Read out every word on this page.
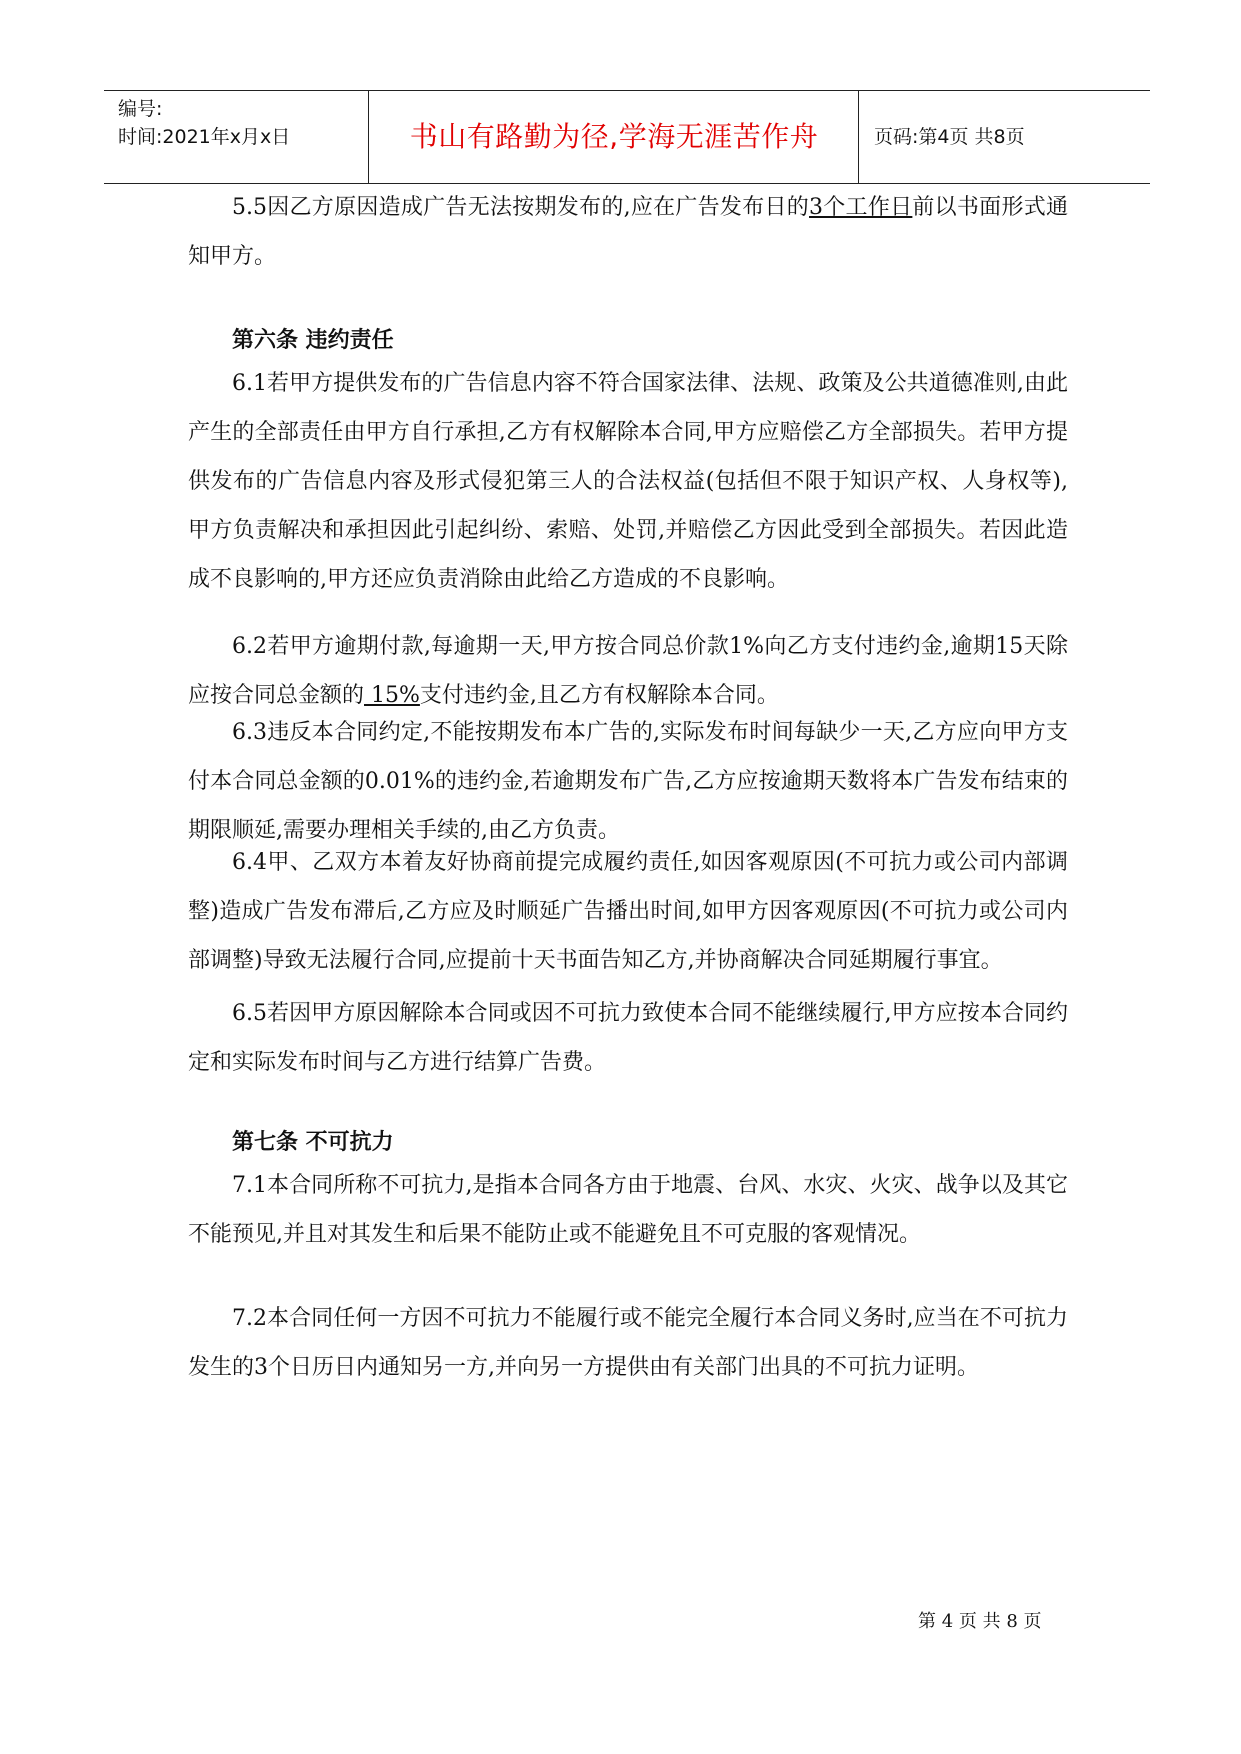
编号:
时间:2021年x月x日	书山有路勤为径,学海无涯苦作舟	页码:第4页 共8页
5.5因乙方原因造成广告无法按期发布的,应在广告发布日的3个工作日前以书面形式通知甲方。
第六条 违约责任
6.1若甲方提供发布的广告信息内容不符合国家法律、法规、政策及公共道德准则,由此产生的全部责任由甲方自行承担,乙方有权解除本合同,甲方应赔偿乙方全部损失。若甲方提供发布的广告信息内容及形式侵犯第三人的合法权益(包括但不限于知识产权、人身权等),甲方负责解决和承担因此引起纠纷、索赔、处罚,并赔偿乙方因此受到全部损失。若因此造成不良影响的,甲方还应负责消除由此给乙方造成的不良影响。
6.2若甲方逾期付款,每逾期一天,甲方按合同总价款1%向乙方支付违约金,逾期15天除应按合同总金额的 15%支付违约金,且乙方有权解除本合同。
6.3违反本合同约定,不能按期发布本广告的,实际发布时间每缺少一天,乙方应向甲方支付本合同总金额的0.01%的违约金,若逾期发布广告,乙方应按逾期天数将本广告发布结束的期限顺延,需要办理相关手续的,由乙方负责。
6.4甲、乙双方本着友好协商前提完成履约责任,如因客观原因(不可抗力或公司内部调整)造成广告发布滞后,乙方应及时顺延广告播出时间,如甲方因客观原因(不可抗力或公司内部调整)导致无法履行合同,应提前十天书面告知乙方,并协商解决合同延期履行事宜。
6.5若因甲方原因解除本合同或因不可抗力致使本合同不能继续履行,甲方应按本合同约定和实际发布时间与乙方进行结算广告费。
第七条 不可抗力
7.1本合同所称不可抗力,是指本合同各方由于地震、台风、水灾、火灾、战争以及其它不能预见,并且对其发生和后果不能防止或不能避免且不可克服的客观情况。
7.2本合同任何一方因不可抗力不能履行或不能完全履行本合同义务时,应当在不可抗力发生的3个日历日内通知另一方,并向另一方提供由有关部门出具的不可抗力证明。
第 4 页 共 8 页
